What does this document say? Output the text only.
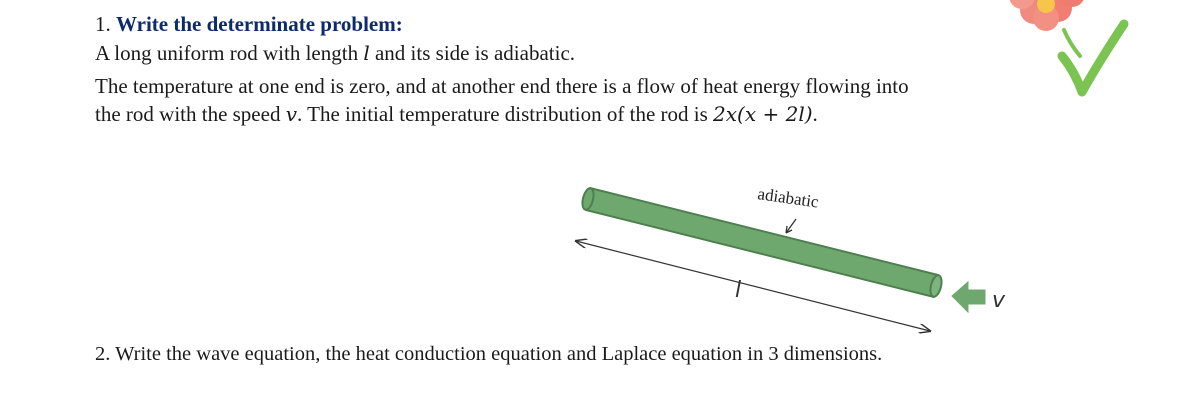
1. Write the determinate problem:
A long uniform rod with length l and its side is adiabatic.
The temperature at one end is zero, and at another end there is a flow of heat energy flowing into
the rod with the speed v. The initial temperature distribution of the rod is 2x(x + 2l).
2. Write the wave equation, the heat conduction equation and Laplace equation in 3 dimensions.
l
adiabatic
v
